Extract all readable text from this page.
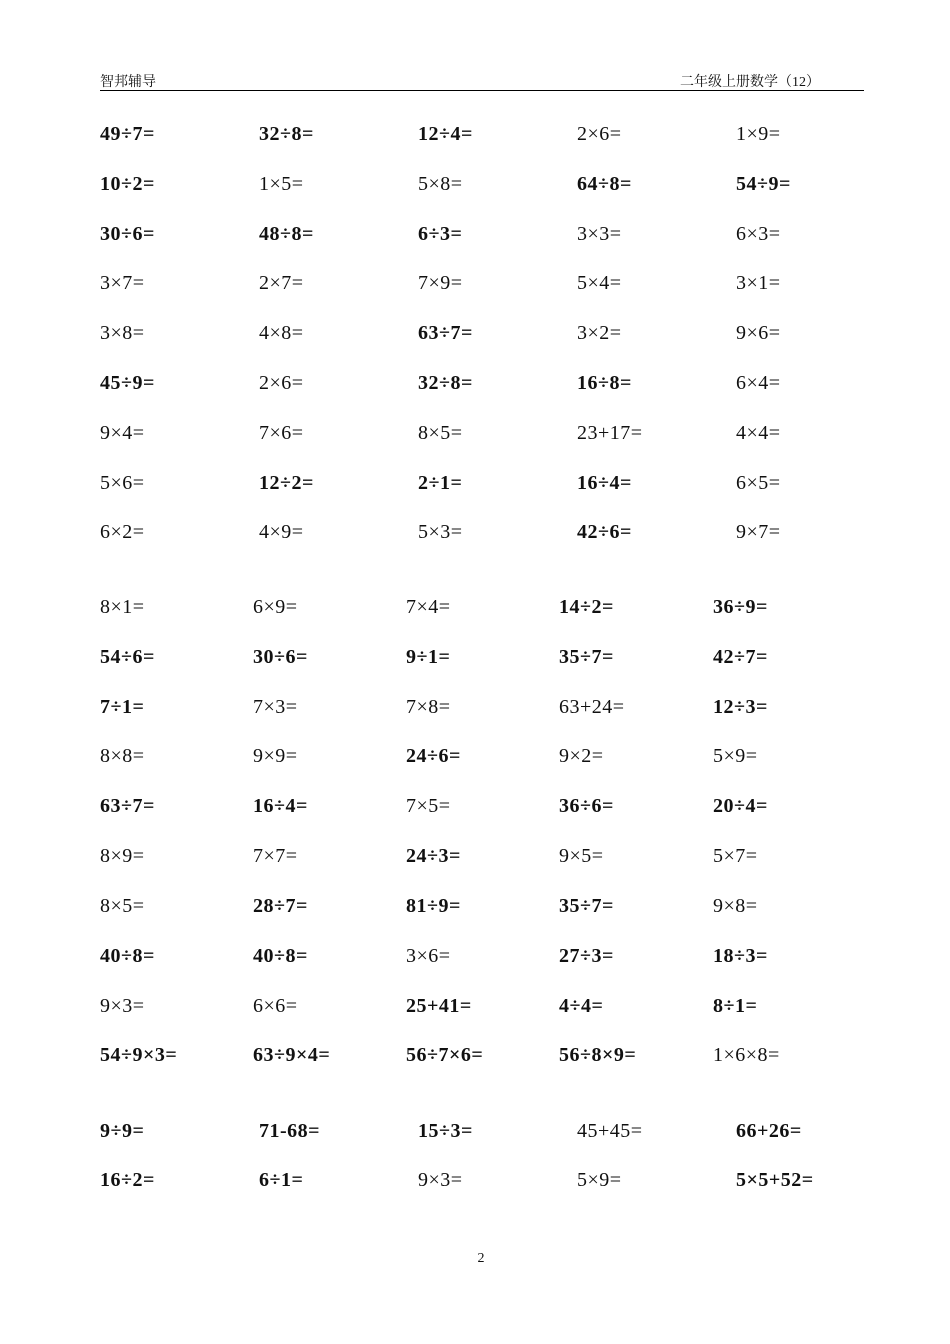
智邦辅导	二年级上册数学（12）
49÷7=	32÷8=	12÷4=	2×6=	1×9=
10÷2=	1×5=	5×8=	64÷8=	54÷9=
30÷6=	48÷8=	6÷3=	3×3=	6×3=
3×7=	2×7=	7×9=	5×4=	3×1=
3×8=	4×8=	63÷7=	3×2=	9×6=
45÷9=	2×6=	32÷8=	16÷8=	6×4=
9×4=	7×6=	8×5=	23+17=	4×4=
5×6=	12÷2=	2÷1=	16÷4=	6×5=
6×2=	4×9=	5×3=	42÷6=	9×7=
8×1=	6×9=	7×4=	14÷2=	36÷9=
54÷6=	30÷6=	9÷1=	35÷7=	42÷7=
7÷1=	7×3=	7×8=	63+24=	12÷3=
8×8=	9×9=	24÷6=	9×2=	5×9=
63÷7=	16÷4=	7×5=	36÷6=	20÷4=
8×9=	7×7=	24÷3=	9×5=	5×7=
8×5=	28÷7=	81÷9=	35÷7=	9×8=
40÷8=	40÷8=	3×6=	27÷3=	18÷3=
9×3=	6×6=	25+41=	4÷4=	8÷1=
54÷9×3=	63÷9×4=	56÷7×6=	56÷8×9=	1×6×8=
9÷9=	71-68=	15÷3=	45+45=	66+26=
16÷2=	6÷1=	9×3=	5×9=	5×5+52=
2
